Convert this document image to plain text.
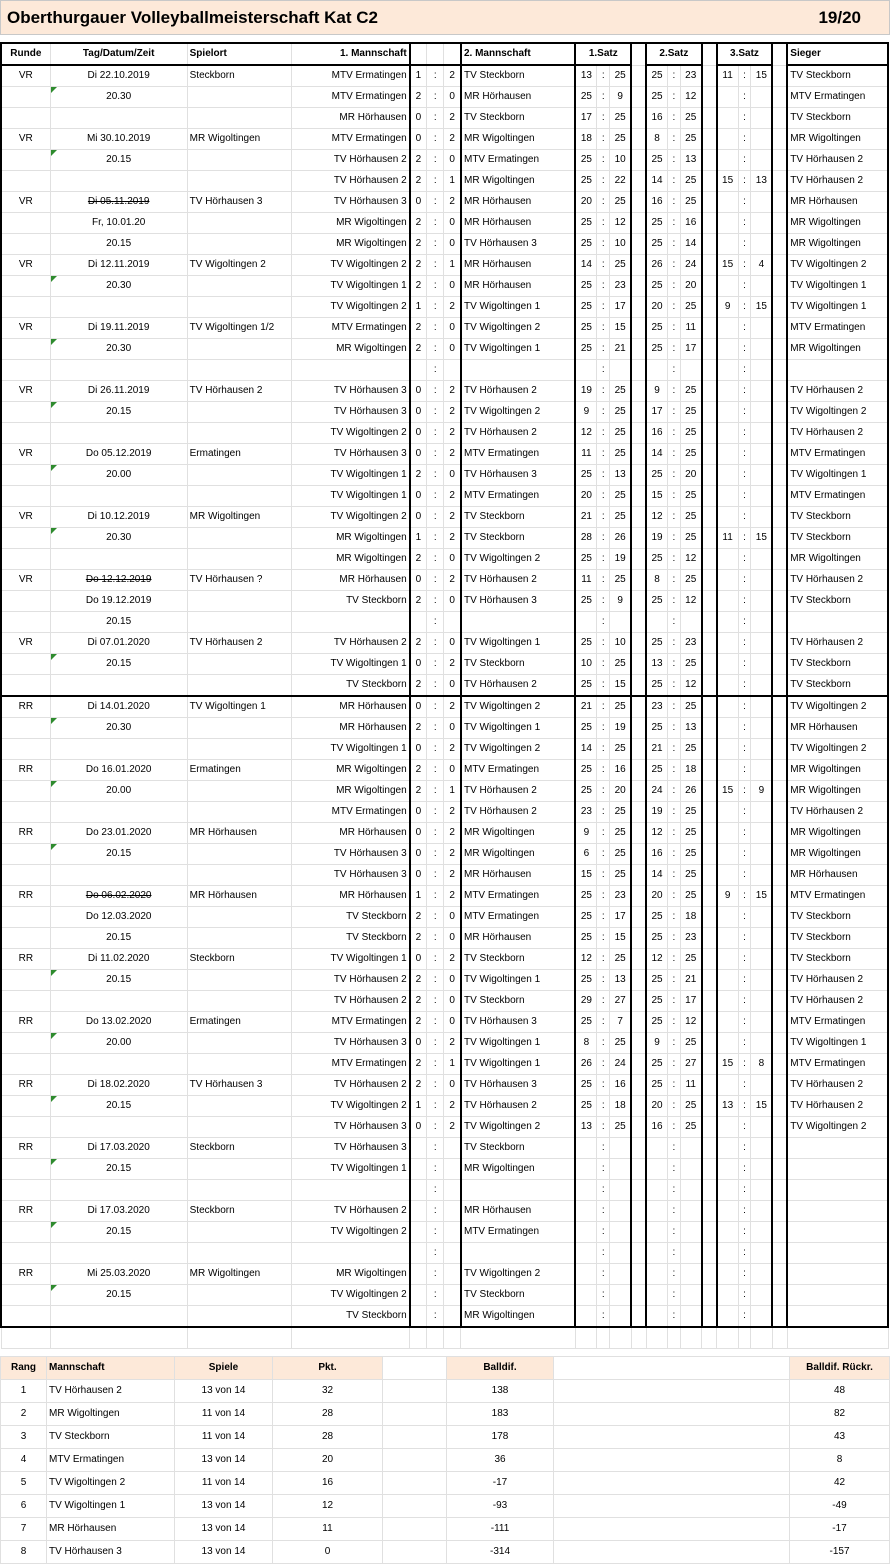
Oberthurgauer Volleyballmeisterschaft Kat C2	19/20
Runde	Tag/Datum/Zeit	Spielort	1. Mannschaft				2. Mannschaft	1.Satz				2.Satz				3.Satz				Sieger
VR	Di 22.10.2019	Steckborn	MTV Ermatingen	1	:	2	TV Steckborn	13	:	25		25	:	23		11	:	15		TV Steckborn
	20.30		MTV Ermatingen	2	:	0	MR Hörhausen	25	:	9		25	:	12			:			MTV Ermatingen
			MR Hörhausen	0	:	2	TV Steckborn	17	:	25		16	:	25			:			TV Steckborn
VR	Mi 30.10.2019	MR Wigoltingen	MTV Ermatingen	0	:	2	MR Wigoltingen	18	:	25		8	:	25			:			MR Wigoltingen
	20.15		TV Hörhausen 2	2	:	0	MTV Ermatingen	25	:	10		25	:	13			:			TV Hörhausen 2
			TV Hörhausen 2	2	:	1	MR Wigoltingen	25	:	22		14	:	25		15	:	13		TV Hörhausen 2
VR	Di 05.11.2019	TV Hörhausen 3	TV Hörhausen 3	0	:	2	MR Hörhausen	20	:	25		16	:	25			:			MR Hörhausen
	Fr, 10.01.20		MR Wigoltingen	2	:	0	MR Hörhausen	25	:	12		25	:	16			:			MR Wigoltingen
	20.15		MR Wigoltingen	2	:	0	TV Hörhausen 3	25	:	10		25	:	14			:			MR Wigoltingen
VR	Di 12.11.2019	TV Wigoltingen 2	TV Wigoltingen 2	2	:	1	MR Hörhausen	14	:	25		26	:	24		15	:	4		TV Wigoltingen 2
	20.30		TV Wigoltingen 1	2	:	0	MR Hörhausen	25	:	23		25	:	20			:			TV Wigoltingen 1
			TV Wigoltingen 2	1	:	2	TV Wigoltingen 1	25	:	17		20	:	25		9	:	15		TV Wigoltingen 1
VR	Di 19.11.2019	TV Wigoltingen 1/2	MTV Ermatingen	2	:	0	TV Wigoltingen 2	25	:	15		25	:	11			:			MTV Ermatingen
	20.30		MR Wigoltingen	2	:	0	TV Wigoltingen 1	25	:	21		25	:	17			:			MR Wigoltingen
					:				:				:				:			
VR	Di 26.11.2019	TV Hörhausen 2	TV Hörhausen 3	0	:	2	TV Hörhausen 2	19	:	25		9	:	25			:			TV Hörhausen 2
	20.15		TV Hörhausen 3	0	:	2	TV Wigoltingen 2	9	:	25		17	:	25			:			TV Wigoltingen 2
			TV Wigoltingen 2	0	:	2	TV Hörhausen 2	12	:	25		16	:	25			:			TV Hörhausen 2
VR	Do 05.12.2019	Ermatingen	TV Hörhausen 3	0	:	2	MTV Ermatingen	11	:	25		14	:	25			:			MTV Ermatingen
	20.00		TV Wigoltingen 1	2	:	0	TV Hörhausen 3	25	:	13		25	:	20			:			TV Wigoltingen 1
			TV Wigoltingen 1	0	:	2	MTV Ermatingen	20	:	25		15	:	25			:			MTV Ermatingen
VR	Di 10.12.2019	MR Wigoltingen	TV Wigoltingen 2	0	:	2	TV Steckborn	21	:	25		12	:	25			:			TV Steckborn
	20.30		MR Wigoltingen	1	:	2	TV Steckborn	28	:	26		19	:	25		11	:	15		TV Steckborn
			MR Wigoltingen	2	:	0	TV Wigoltingen 2	25	:	19		25	:	12			:			MR Wigoltingen
VR	Do 12.12.2019	TV Hörhausen ?	MR Hörhausen	0	:	2	TV Hörhausen 2	11	:	25		8	:	25			:			TV Hörhausen 2
	Do 19.12.2019		TV Steckborn	2	:	0	TV Hörhausen 3	25	:	9		25	:	12			:			TV Steckborn
	20.15				:				:				:				:			
VR	Di 07.01.2020	TV Hörhausen 2	TV Hörhausen 2	2	:	0	TV Wigoltingen 1	25	:	10		25	:	23			:			TV Hörhausen 2
	20.15		TV Wigoltingen 1	0	:	2	TV Steckborn	10	:	25		13	:	25			:			TV Steckborn
			TV Steckborn	2	:	0	TV Hörhausen 2	25	:	15		25	:	12			:			TV Steckborn
RR	Di 14.01.2020	TV Wigoltingen 1	MR Hörhausen	0	:	2	TV Wigoltingen 2	21	:	25		23	:	25			:			TV Wigoltingen 2
	20.30		MR Hörhausen	2	:	0	TV Wigoltingen 1	25	:	19		25	:	13			:			MR Hörhausen
			TV Wigoltingen 1	0	:	2	TV Wigoltingen 2	14	:	25		21	:	25			:			TV Wigoltingen 2
RR	Do 16.01.2020	Ermatingen	MR Wigoltingen	2	:	0	MTV Ermatingen	25	:	16		25	:	18			:			MR Wigoltingen
	20.00		MR Wigoltingen	2	:	1	TV Hörhausen 2	25	:	20		24	:	26		15	:	9		MR Wigoltingen
			MTV Ermatingen	0	:	2	TV Hörhausen 2	23	:	25		19	:	25			:			TV Hörhausen 2
RR	Do 23.01.2020	MR Hörhausen	MR Hörhausen	0	:	2	MR Wigoltingen	9	:	25		12	:	25			:			MR Wigoltingen
	20.15		TV Hörhausen 3	0	:	2	MR Wigoltingen	6	:	25		16	:	25			:			MR Wigoltingen
			TV Hörhausen 3	0	:	2	MR Hörhausen	15	:	25		14	:	25			:			MR Hörhausen
RR	Do 06.02.2020	MR Hörhausen	MR Hörhausen	1	:	2	MTV Ermatingen	25	:	23		20	:	25		9	:	15		MTV Ermatingen
	Do 12.03.2020		TV Steckborn	2	:	0	MTV Ermatingen	25	:	17		25	:	18			:			TV Steckborn
	20.15		TV Steckborn	2	:	0	MR Hörhausen	25	:	15		25	:	23			:			TV Steckborn
RR	Di 11.02.2020	Steckborn	TV Wigoltingen 1	0	:	2	TV Steckborn	12	:	25		12	:	25			:			TV Steckborn
	20.15		TV Hörhausen 2	2	:	0	TV Wigoltingen 1	25	:	13		25	:	21			:			TV Hörhausen 2
			TV Hörhausen 2	2	:	0	TV Steckborn	29	:	27		25	:	17			:			TV Hörhausen 2
RR	Do 13.02.2020	Ermatingen	MTV Ermatingen	2	:	0	TV Hörhausen 3	25	:	7		25	:	12			:			MTV Ermatingen
	20.00		TV Hörhausen 3	0	:	2	TV Wigoltingen 1	8	:	25		9	:	25			:			TV Wigoltingen 1
			MTV Ermatingen	2	:	1	TV Wigoltingen 1	26	:	24		25	:	27		15	:	8		MTV Ermatingen
RR	Di 18.02.2020	TV Hörhausen 3	TV Hörhausen 2	2	:	0	TV Hörhausen 3	25	:	16		25	:	11			:			TV Hörhausen 2
	20.15		TV Wigoltingen 2	1	:	2	TV Hörhausen 2	25	:	18		20	:	25		13	:	15		TV Hörhausen 2
			TV Hörhausen 3	0	:	2	TV Wigoltingen 2	13	:	25		16	:	25			:			TV Wigoltingen 2
RR	Di 17.03.2020	Steckborn	TV Hörhausen 3		:		TV Steckborn		:				:				:			
	20.15		TV Wigoltingen 1		:		MR Wigoltingen		:				:				:			
					:				:				:				:			
RR	Di 17.03.2020	Steckborn	TV Hörhausen 2		:		MR Hörhausen		:				:				:			
	20.15		TV Wigoltingen 2		:		MTV Ermatingen		:				:				:			
					:				:				:				:			
RR	Mi 25.03.2020	MR Wigoltingen	MR Wigoltingen		:		TV Wigoltingen 2		:				:				:			
	20.15		TV Wigoltingen 2		:		TV Steckborn		:				:				:			
			TV Steckborn		:		MR Wigoltingen		:				:				:			

Rang	Mannschaft	Spiele	Pkt.		Balldif.		Balldif. Rückr.
1	TV Hörhausen 2	13 von 14	32		138		48
2	MR Wigoltingen	11 von 14	28		183		82
3	TV Steckborn	11 von 14	28		178		43
4	MTV Ermatingen	13 von 14	20		36		8
5	TV Wigoltingen 2	11 von 14	16		-17		42
6	TV Wigoltingen 1	13 von 14	12		-93		-49
7	MR Hörhausen	13 von 14	11		-111		-17
8	TV Hörhausen 3	13 von 14	0		-314		-157
